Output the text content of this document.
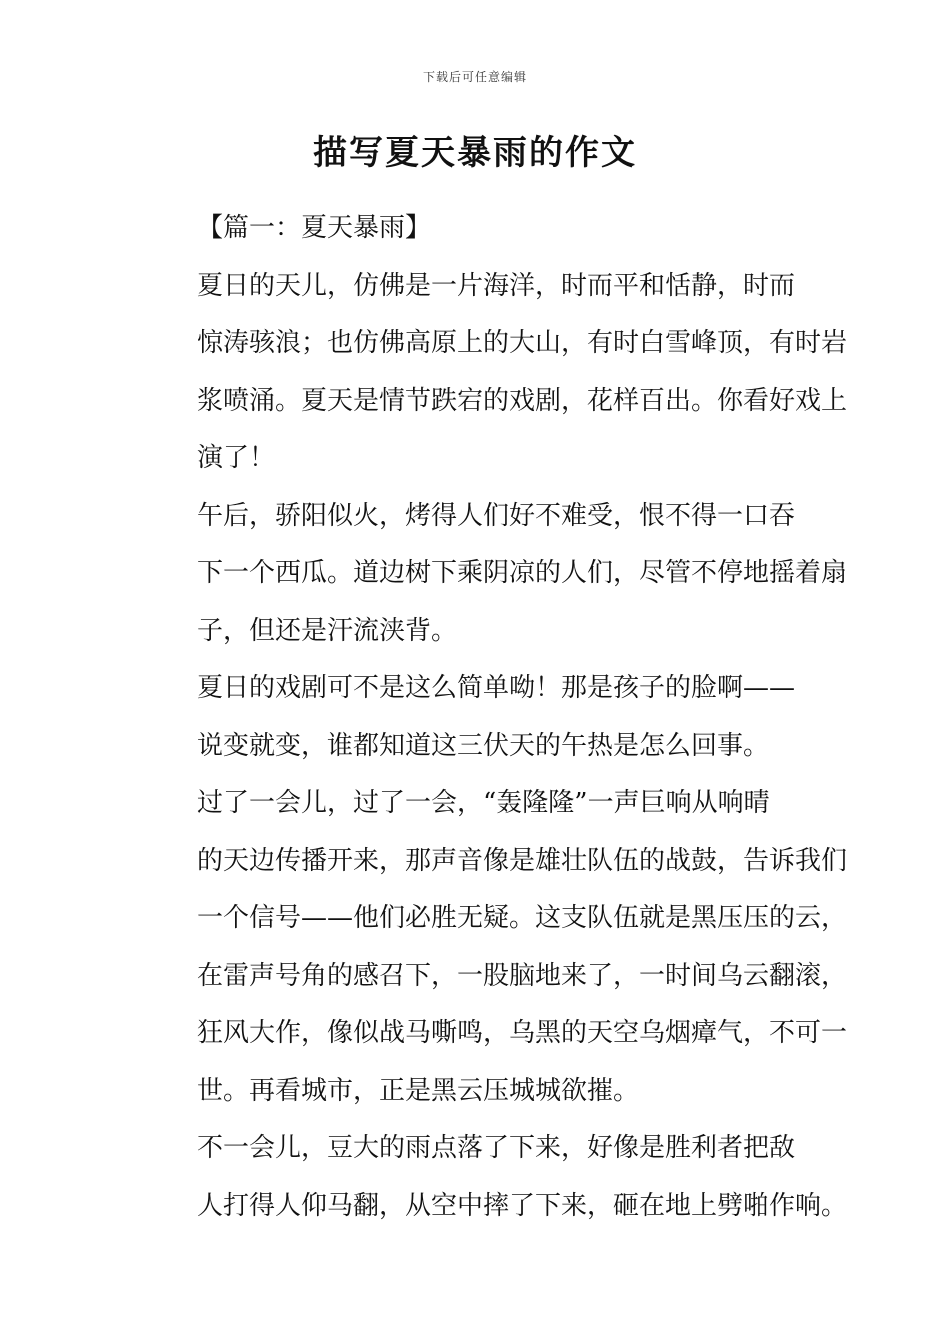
下载后可任意编辑
描写夏天暴雨的作文

【篇一：夏天暴雨】

夏日的天儿，仿佛是一片海洋，时而平和恬静，时而
惊涛骇浪；也仿佛高原上的大山，有时白雪峰顶，有时岩
浆喷涌。夏天是情节跌宕的戏剧，花样百出。你看好戏上
演了！

午后，骄阳似火，烤得人们好不难受，恨不得一口吞
下一个西瓜。道边树下乘阴凉的人们，尽管不停地摇着扇
子，但还是汗流浃背。

夏日的戏剧可不是这么简单呦！那是孩子的脸啊——
说变就变，谁都知道这三伏天的午热是怎么回事。

过了一会儿，过了一会，“轰隆隆”一声巨响从响晴
的天边传播开来，那声音像是雄壮队伍的战鼓，告诉我们
一个信号——他们必胜无疑。这支队伍就是黑压压的云，
在雷声号角的感召下，一股脑地来了，一时间乌云翻滚，
狂风大作，像似战马嘶鸣，乌黑的天空乌烟瘴气，不可一
世。再看城市，正是黑云压城城欲摧。

不一会儿，豆大的雨点落了下来，好像是胜利者把敌
人打得人仰马翻，从空中摔了下来，砸在地上劈啪作响。
